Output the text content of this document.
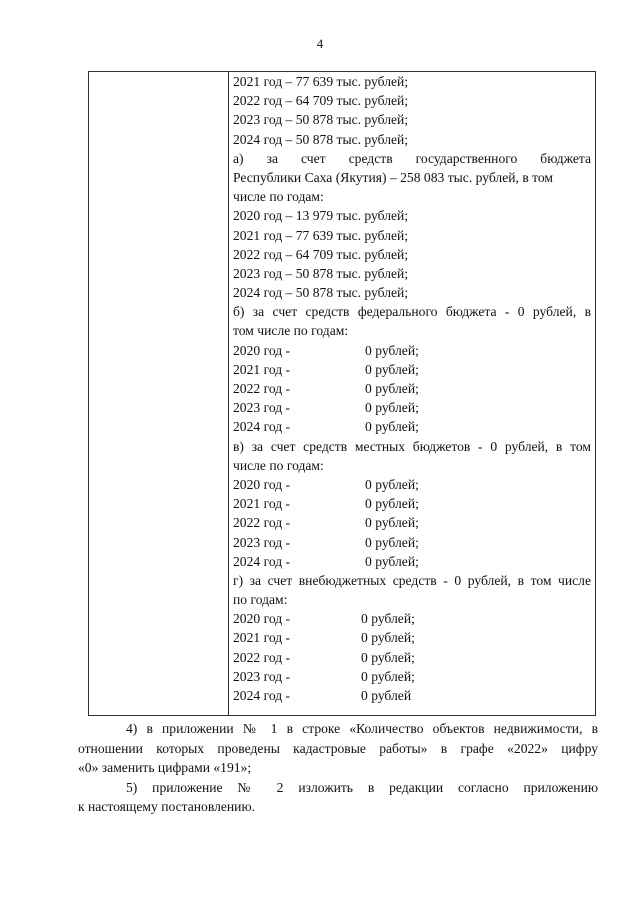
4
2021 год – 77 639 тыс. рублей;
2022 год – 64 709 тыс. рублей;
2023 год – 50 878 тыс. рублей;
2024 год – 50 878 тыс. рублей;
а) за счет средств государственного бюджета
Республики Саха (Якутия) – 258 083 тыс. рублей, в том
числе по годам:
2020 год – 13 979 тыс. рублей;
2021 год – 77 639 тыс. рублей;
2022 год – 64 709 тыс. рублей;
2023 год – 50 878 тыс. рублей;
2024 год – 50 878 тыс. рублей;
б) за счет средств федерального бюджета - 0 рублей, в
том числе по годам:
2020 год -	0 рублей;
2021 год -	0 рублей;
2022 год -	0 рублей;
2023 год -	0 рублей;
2024 год -	0 рублей;
в) за счет средств местных бюджетов - 0 рублей, в том
числе по годам:
2020 год -	0 рублей;
2021 год -	0 рублей;
2022 год -	0 рублей;
2023 год -	0 рублей;
2024 год -	0 рублей;
г) за счет внебюджетных средств - 0 рублей, в том числе
по годам:
2020 год -	0 рублей;
2021 год -	0 рублей;
2022 год -	0 рублей;
2023 год -	0 рублей;
2024 год -	0 рублей
4) в приложении № 1 в строке «Количество объектов недвижимости, в
отношении которых проведены кадастровые работы» в графе «2022» цифру
«0» заменить цифрами «191»;
5) приложение № 2 изложить в редакции согласно приложению
к настоящему постановлению.
